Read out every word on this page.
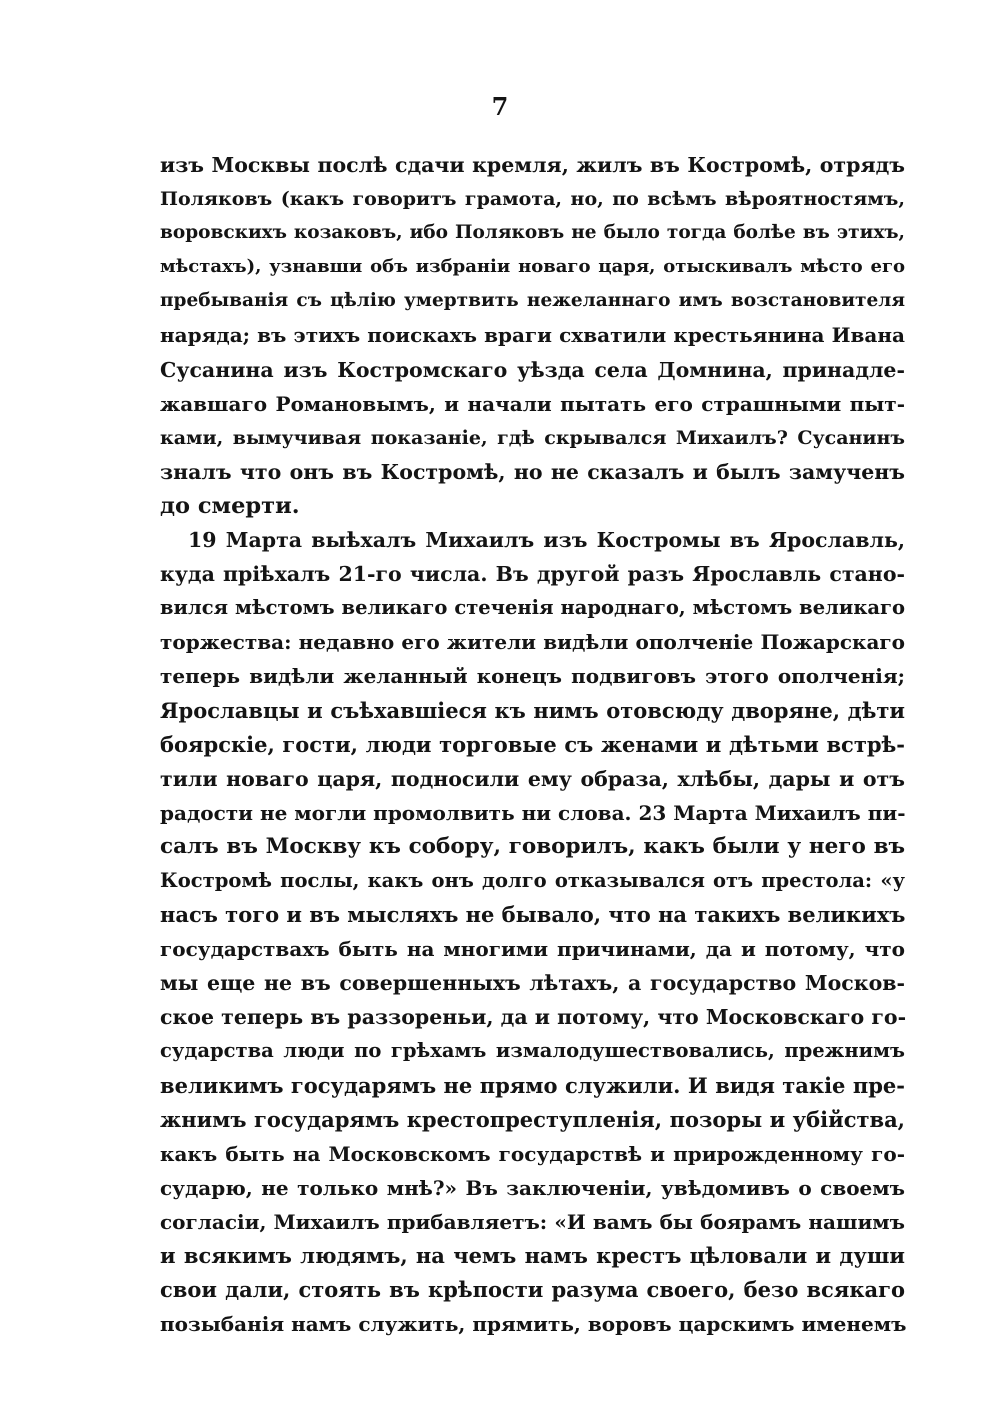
7
изъ Москвы послѣ сдачи кремля, жилъ въ Костромѣ, отрядъ
Поляковъ (какъ говоритъ грамота, но, по всѣмъ вѣроятностямъ,
воровскихъ козаковъ, ибо Поляковъ не было тогда болѣе въ этихъ,
мѣстахъ), узнавши объ избраніи новаго царя, отыскивалъ мѣсто его
пребыванія съ цѣлію умертвить нежеланнаго имъ возстановителя
наряда; въ этихъ поискахъ враги схватили крестьянина Ивана
Сусанина изъ Костромскаго уѣзда села Домнина, принадле-
жавшаго Романовымъ, и начали пытать его страшными пыт-
ками, вымучивая показаніе, гдѣ скрывался Михаилъ? Сусанинъ
зналъ что онъ въ Костромѣ, но не сказалъ и былъ замученъ
до смерти.
19 Марта выѣхалъ Михаилъ изъ Костромы въ Ярославль,
куда пріѣхалъ 21-го числа. Въ другой разъ Ярославль стано-
вился мѣстомъ великаго стеченія народнаго, мѣстомъ великаго
торжества: недавно его жители видѣли ополченіе Пожарскаго
теперь видѣли желанный конецъ подвиговъ этого ополченія;
Ярославцы и съѣхавшіеся къ нимъ отовсюду дворяне, дѣти
боярскіе, гости, люди торговые съ женами и дѣтьми встрѣ-
тили новаго царя, подносили ему образа, хлѣбы, дары и отъ
радости не могли промолвить ни слова. 23 Марта Михаилъ пи-
салъ въ Москву къ собору, говорилъ, какъ были у него въ
Костромѣ послы, какъ онъ долго отказывался отъ престола: «у
насъ того и въ мысляхъ не бывало, что на такихъ великихъ
государствахъ быть на многими причинами, да и потому, что
мы еще не въ совершенныхъ лѣтахъ, а государство Москов-
ское теперь въ раззореньи, да и потому, что Московскаго го-
сударства люди по грѣхамъ измалодушествовались, прежнимъ
великимъ государямъ не прямо служили. И видя такіе пре-
жнимъ государямъ крестопреступленія, позоры и убійства,
какъ быть на Московскомъ государствѣ и прирожденному го-
сударю, не только мнѣ?» Въ заключеніи, увѣдомивъ о своемъ
согласіи, Михаилъ прибавляетъ: «И вамъ бы боярамъ нашимъ
и всякимъ людямъ, на чемъ намъ крестъ цѣловали и души
свои дали, стоять въ крѣпости разума своего, безо всякаго
позыбанія намъ служить, прямить, воровъ царскимъ именемъ
